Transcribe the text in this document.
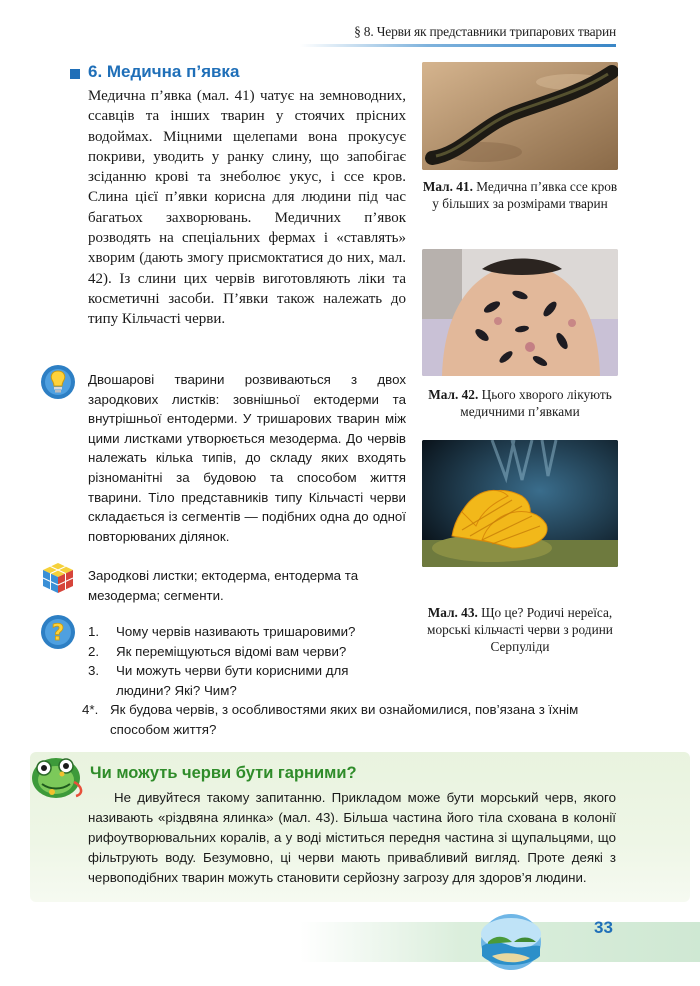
§ 8. Черви як представники трипарових тварин
6. Медична п’явка

Медична п’явка (мал. 41) чатує на земноводних, ссавців та інших тварин у стоячих прісних водоймах. Міцними щелепами вона прокусує покриви, уводить у ранку слину, що запобігає зсіданню крові та знеболює укус, і ссе кров. Слина цієї п’явки корисна для людини під час багатьох захворювань. Медичних п’явок розводять на спеціальних фермах і «ставлять» хворим (дають змогу присмоктатися до них, мал. 42). Із слини цих червів виготовляють ліки та косметичні засоби. П’явки також належать до типу Кільчасті черви.

Мал. 41. Медична п’явка ссе кров у більших за розмірами тварин
Мал. 42. Цього хворого лікують медичними п’явками
Мал. 43. Що це? Родичі нереїса, морські кільчасті черви з родини Серпуліди
Двошарові тварини розвиваються з двох зародкових листків: зовнішньої ектодерми та внутрішньої ентодерми. У тришарових тварин між цими листками утворюється мезодерма. До червів належать кілька типів, до складу яких входять різноманітні за будовою та способом життя тварини. Тіло представників типу Кільчасті черви складається із сегментів — подібних одна до одної повторюваних ділянок.
Зародкові листки; ектодерма, ентодерма та мезодерма; сегменти.
? 1. Чому червів називають тришаровими?
2. Як переміщуються відомі вам черви?
3. Чи можуть черви бути корисними для людини? Які? Чим?
4*. Як будова червів, з особливостями яких ви ознайомилися, пов’язана з їхнім способом життя?
Чи можуть черви бути гарними?

Не дивуйтеся такому запитанню. Прикладом може бути морський черв, якого називають «різдвяна ялинка» (мал. 43). Більша частина його тіла схована в колонії рифоутворювальних коралів, а у воді міститься передня частина зі щупальцями, що фільтрують воду. Безумовно, ці черви мають привабливий вигляд. Проте деякі з червоподібних тварин можуть становити серйозну загрозу для здоров’я людини.

33
